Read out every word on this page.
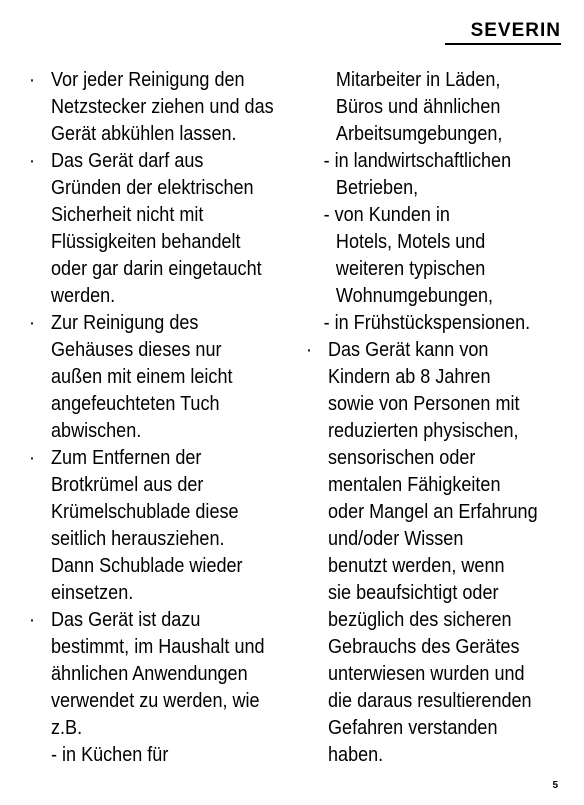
SEVERIN
· Vor jeder Reinigung den
Netzstecker ziehen und das
Gerät abkühlen lassen.
· Das Gerät darf aus
Gründen der elektrischen
Sicherheit nicht mit
Flüssigkeiten behandelt
oder gar darin eingetaucht
werden.
· Zur Reinigung des
Gehäuses dieses nur
außen mit einem leicht
angefeuchteten Tuch
abwischen.
· Zum Entfernen der
Brotkrümel aus der
Krümelschublade diese
seitlich herausziehen.
Dann Schublade wieder
einsetzen.
· Das Gerät ist dazu
bestimmt, im Haushalt und
ähnlichen Anwendungen
verwendet zu werden, wie
z.B.
- in Küchen für
Mitarbeiter in Läden,
Büros und ähnlichen
Arbeitsumgebungen,
- in landwirtschaftlichen
Betrieben,
- von Kunden in
Hotels, Motels und
weiteren typischen
Wohnumgebungen,
- in Frühstückspensionen.
· Das Gerät kann von
Kindern ab 8 Jahren
sowie von Personen mit
reduzierten physischen,
sensorischen oder
mentalen Fähigkeiten
oder Mangel an Erfahrung
und/oder Wissen
benutzt werden, wenn
sie beaufsichtigt oder
bezüglich des sicheren
Gebrauchs des Gerätes
unterwiesen wurden und
die daraus resultierenden
Gefahren verstanden
haben.
5
